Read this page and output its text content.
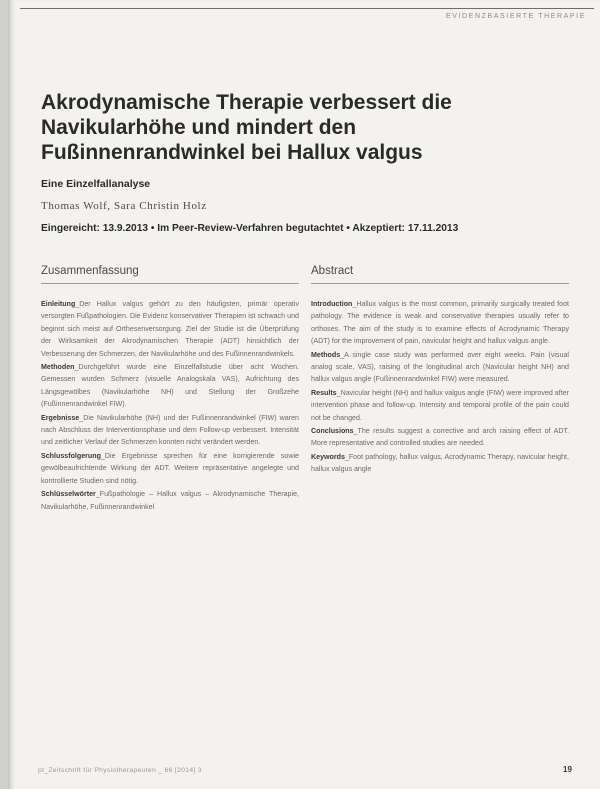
EVIDENZBASIERTE THERAPIE
Akrodynamische Therapie verbessert die Navikularhöhe und mindert den Fußinnenrandwinkel bei Hallux valgus
Eine Einzelfallanalyse
Thomas Wolf, Sara Christin Holz
Eingereicht: 13.9.2013 • Im Peer-Review-Verfahren begutachtet • Akzeptiert: 17.11.2013
Zusammenfassung

Einleitung_Der Hallux valgus gehört zu den häufigsten, primär operativ versorgten Fußpathologien. Die Evidenz konservativer Therapien ist schwach und beginnt sich meist auf Orthesenversorgung. Ziel der Studie ist die Überprüfung der Wirksamkeit der Akrodynamischen Therapie (ADT) hinsichtlich der Verbesserung der Schmerzen, der Navikularhöhe und des Fußinnenrandwinkels.

Methoden_Durchgeführt wurde eine Einzelfallstudie über acht Wochen. Gemessen wurden Schmerz (visuelle Analogskala VAS), Aufrichtung des Längsgewölbes (Navikularhöhe NH) und Stellung der Großzehe (Fußinnenrandwinkel FIW).

Ergebnisse_Die Navikularhöhe (NH) und der Fußinnenrandwinkel (FIW) waren nach Abschluss der Interventionsphase und dem Follow-up verbessert. Intensität und zeitlicher Verlauf der Schmerzen konnten nicht verändert werden.

Schlussfolgerung_Die Ergebnisse sprechen für eine korrigierende sowie gewölbeaufrichtende Wirkung der ADT. Weitere repräsentative angelegte und kontrollierte Studien sind nötig.

Schlüsselwörter_Fußpathologie – Hallux valgus – Akrodynamische Therapie, Navikularhöhe, Fußinnenrandwinkel

Abstract

Introduction_Hallux valgus is the most common, primarily surgically treated foot pathology. The evidence is weak and conservative therapies usually refer to orthoses. The aim of the study is to examine effects of Acrodynamic Therapy (ADT) for the improvement of pain, navicular height and hallux valgus angle.

Methods_A single case study was performed over eight weeks. Pain (visual analog scale, VAS), raising of the longitudinal arch (Navicular height NH) and hallux valgus angle (Fußinnenrandwinkel FIW) were measured.

Results_Navicular height (NH) and hallux valgus angle (FIW) were improved after intervention phase and follow-up. Intensity and temporal profile of the pain could not be changed.

Conclusions_The results suggest a corrective and arch raising effect of ADT. More representative and controlled studies are needed.

Keywords_Foot pathology, hallux valgus, Acrodynamic Therapy, navicular height, hallux valgus angle

pt_Zeitschrift für Physiotherapeuten _ 66 [2014] 3	19
